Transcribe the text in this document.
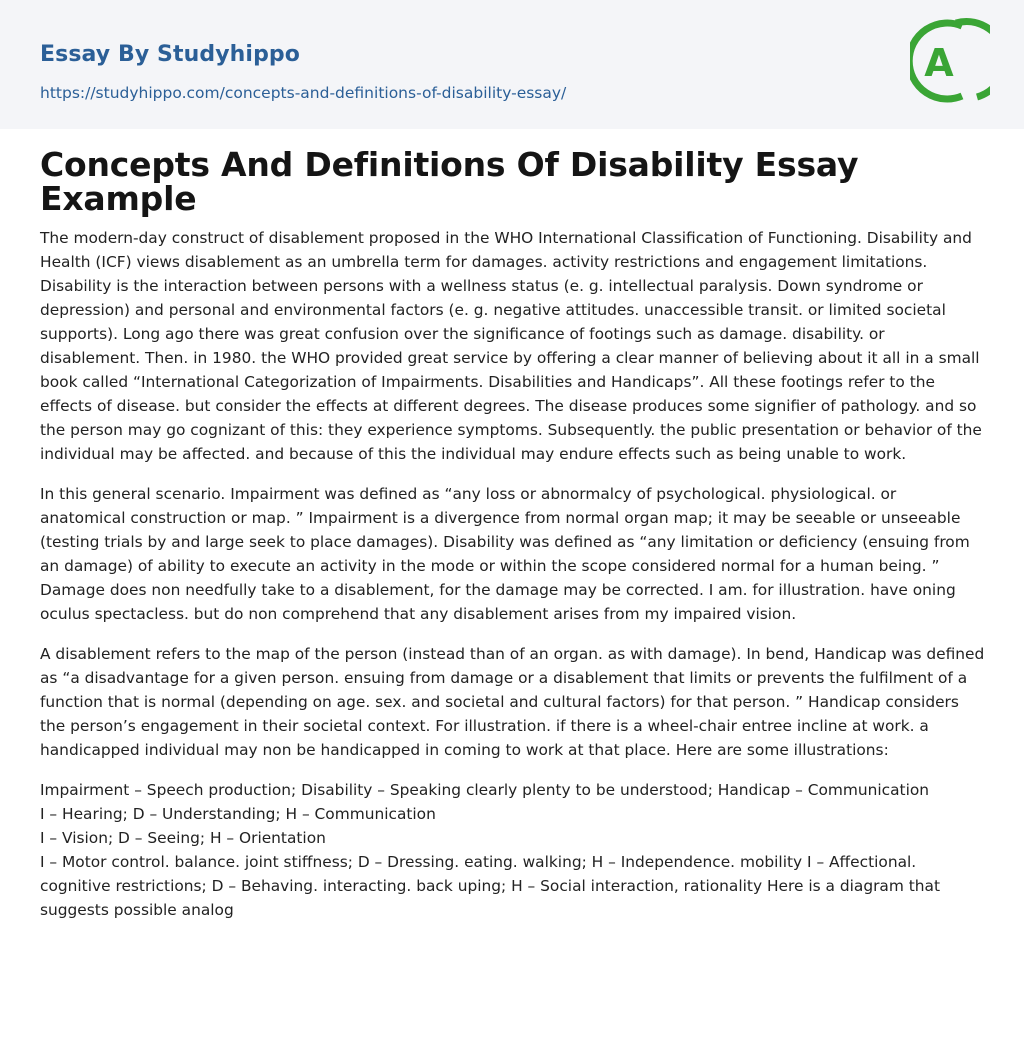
Essay By Studyhippo
https://studyhippo.com/concepts-and-definitions-of-disability-essay/
A
Concepts And Definitions Of Disability Essay Example

The modern-day construct of disablement proposed in the WHO International Classification of Functioning. Disability and Health (ICF) views disablement as an umbrella term for damages. activity restrictions and engagement limitations. Disability is the interaction between persons with a wellness status (e. g. intellectual paralysis. Down syndrome or depression) and personal and environmental factors (e. g. negative attitudes. unaccessible transit. or limited societal supports). Long ago there was great confusion over the significance of footings such as damage. disability. or disablement. Then. in 1980. the WHO provided great service by offering a clear manner of believing about it all in a small book called “International Categorization of Impairments. Disabilities and Handicaps”. All these footings refer to the effects of disease. but consider the effects at different degrees. The disease produces some signifier of pathology. and so the person may go cognizant of this: they experience symptoms. Subsequently. the public presentation or behavior of the individual may be affected. and because of this the individual may endure effects such as being unable to work.

In this general scenario. Impairment was defined as “any loss or abnormalcy of psychological. physiological. or anatomical construction or map. ” Impairment is a divergence from normal organ map; it may be seeable or unseeable (testing trials by and large seek to place damages). Disability was defined as “any limitation or deficiency (ensuing from an damage) of ability to execute an activity in the mode or within the scope considered normal for a human being. ” Damage does non needfully take to a disablement, for the damage may be corrected. I am. for illustration. have oning oculus spectacless. but do non comprehend that any disablement arises from my impaired vision.

A disablement refers to the map of the person (instead than of an organ. as with damage). In bend, Handicap was defined as “a disadvantage for a given person. ensuing from damage or a disablement that limits or prevents the fulfilment of a function that is normal (depending on age. sex. and societal and cultural factors) for that person. ” Handicap considers the person’s engagement in their societal context. For illustration. if there is a wheel-chair entree incline at work. a handicapped individual may non be handicapped in coming to work at that place. Here are some illustrations:

Impairment – Speech production; Disability – Speaking clearly plenty to be understood; Handicap – Communication
I – Hearing; D – Understanding; H – Communication
I – Vision; D – Seeing; H – Orientation
I – Motor control. balance. joint stiffness; D – Dressing. eating. walking; H – Independence. mobility I – Affectional. cognitive restrictions; D – Behaving. interacting. back uping; H – Social interaction, rationality Here is a diagram that suggests possible analog
